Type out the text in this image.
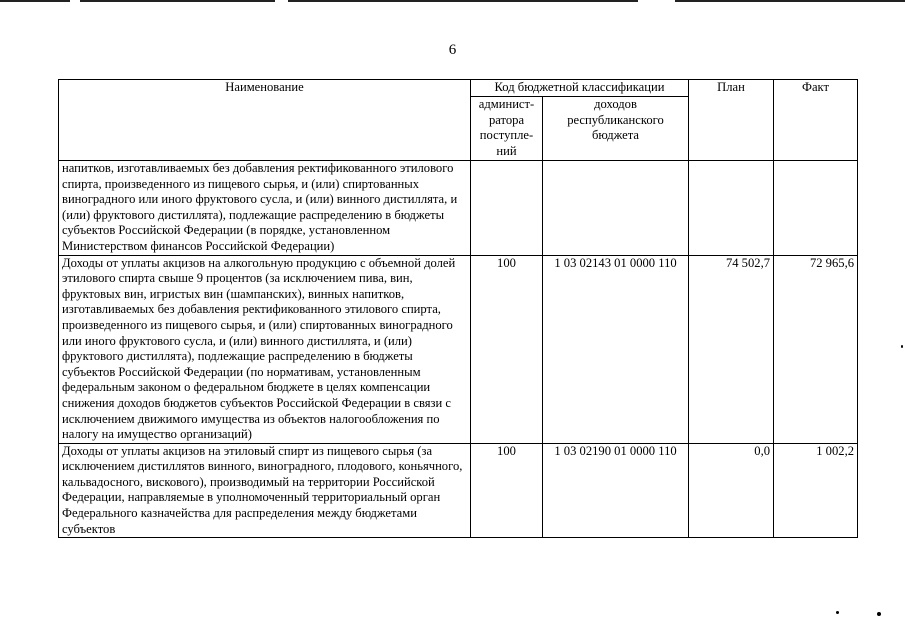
6
Наименование	Код бюджетной классификации		План	Факт
	админист-ратора поступле-ний	доходов республиканского бюджета		
напитков, изготавливаемых без добавления ректификованного этилового спирта, произведенного из пищевого сырья, и (или) спиртованных виноградного или иного фруктового сусла, и (или) винного дистиллята, и (или) фруктового дистиллята), подлежащие распределению в бюджеты субъектов Российской Федерации (в порядке, установленном Министерством финансов Российской Федерации)				
Доходы от уплаты акцизов на алкогольную продукцию с объемной долей этилового спирта свыше 9 процентов (за исключением пива, вин, фруктовых вин, игристых вин (шампанских), винных напитков, изготавливаемых без добавления ректификованного этилового спирта, произведенного из пищевого сырья, и (или) спиртованных виноградного или иного фруктового сусла, и (или) винного дистиллята, и (или) фруктового дистиллята), подлежащие распределению в бюджеты субъектов Российской Федерации (по нормативам, установленным федеральным законом о федеральном бюджете в целях компенсации снижения доходов бюджетов субъектов Российской Федерации в связи с исключением движимого имущества из объектов налогообложения по налогу на имущество организаций)	100	1 03 02143 01 0000 110	74 502,7	72 965,6
Доходы от уплаты акцизов на этиловый спирт из пищевого сырья (за исключением дистиллятов винного, виноградного, плодового, коньячного, кальвадосного, вискового), производимый на территории Российской Федерации, направляемые в уполномоченный территориальный орган Федерального казначейства для распределения между бюджетами субъектов	100	1 03 02190 01 0000 110	0,0	1 002,2
